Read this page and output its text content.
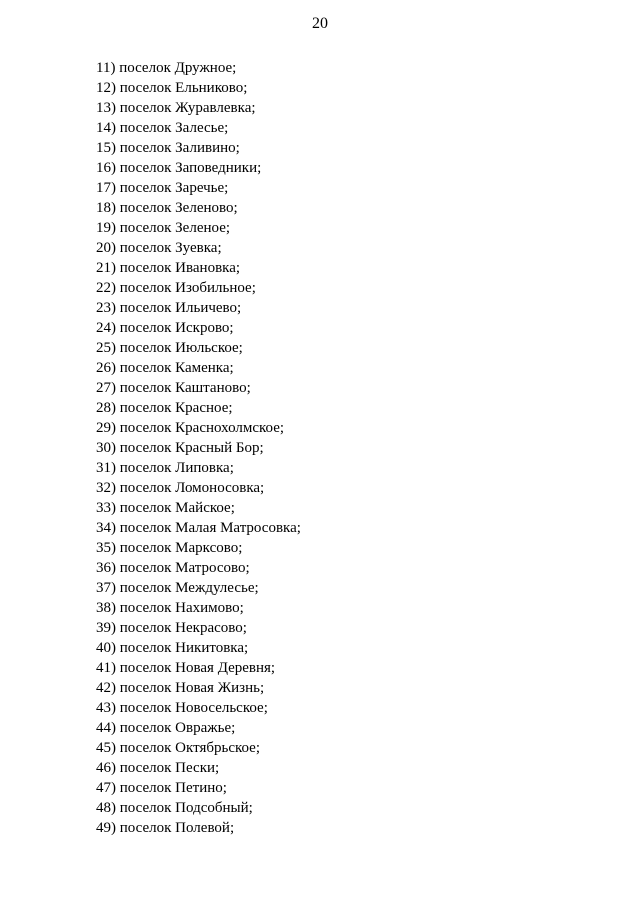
20
11) поселок Дружное;
12) поселок Ельниково;
13) поселок Журавлевка;
14) поселок Залесье;
15) поселок Заливино;
16) поселок Заповедники;
17) поселок Заречье;
18) поселок Зеленово;
19) поселок Зеленое;
20) поселок Зуевка;
21) поселок Ивановка;
22) поселок Изобильное;
23) поселок Ильичево;
24) поселок Искрово;
25) поселок Июльское;
26) поселок Каменка;
27) поселок Каштаново;
28) поселок Красное;
29) поселок Краснохолмское;
30) поселок Красный Бор;
31) поселок Липовка;
32) поселок Ломоносовка;
33) поселок Майское;
34) поселок Малая Матросовка;
35) поселок Марксово;
36) поселок Матросово;
37) поселок Междулесье;
38) поселок Нахимово;
39) поселок Некрасово;
40) поселок Никитовка;
41) поселок Новая Деревня;
42) поселок Новая Жизнь;
43) поселок Новосельское;
44) поселок Овражье;
45) поселок Октябрьское;
46) поселок Пески;
47) поселок Петино;
48) поселок Подсобный;
49) поселок Полевой;
